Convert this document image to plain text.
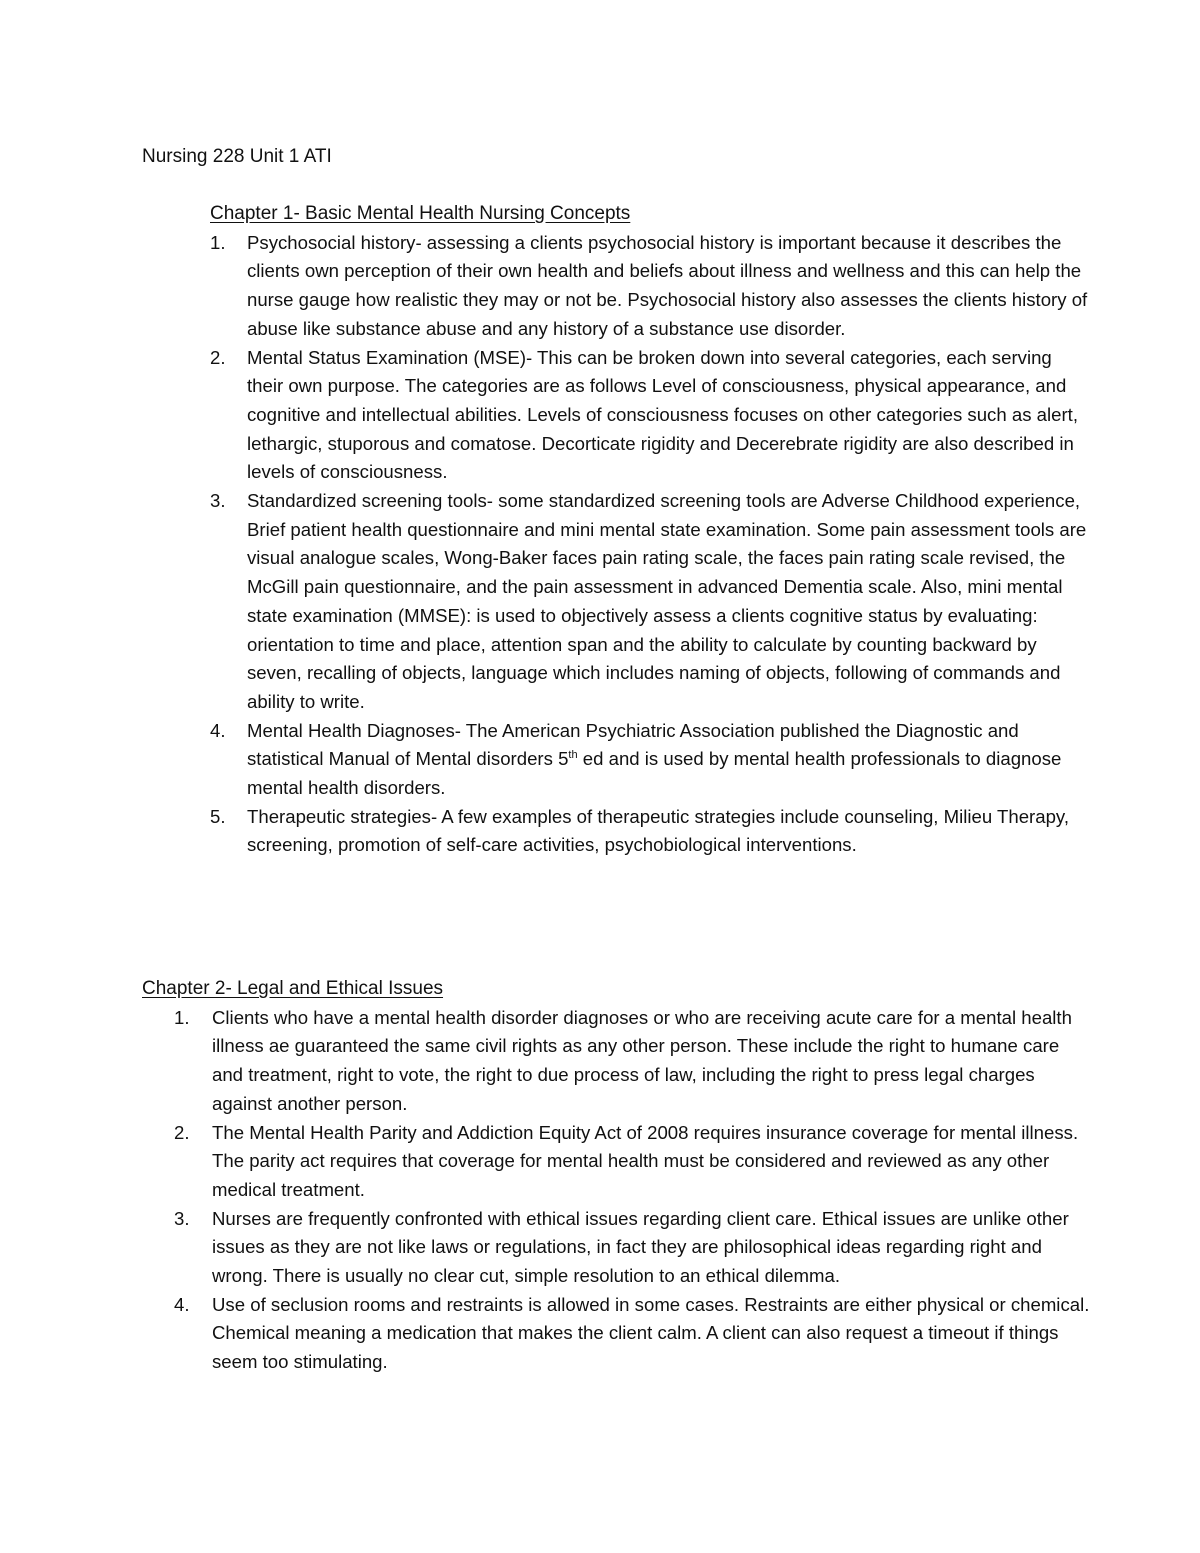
Nursing 228 Unit 1 ATI
Chapter 1- Basic Mental Health Nursing Concepts
1. Psychosocial history- assessing a clients psychosocial history is important because it describes the clients own perception of their own health and beliefs about illness and wellness and this can help the nurse gauge how realistic they may or not be. Psychosocial history also assesses the clients history of abuse like substance abuse and any history of a substance use disorder.
2. Mental Status Examination (MSE)- This can be broken down into several categories, each serving their own purpose. The categories are as follows Level of consciousness, physical appearance, and cognitive and intellectual abilities. Levels of consciousness focuses on other categories such as alert, lethargic, stuporous and comatose. Decorticate rigidity and Decerebrate rigidity are also described in levels of consciousness.
3. Standardized screening tools- some standardized screening tools are Adverse Childhood experience, Brief patient health questionnaire and mini mental state examination. Some pain assessment tools are visual analogue scales, Wong-Baker faces pain rating scale, the faces pain rating scale revised, the McGill pain questionnaire, and the pain assessment in advanced Dementia scale. Also, mini mental state examination (MMSE): is used to objectively assess a clients cognitive status by evaluating: orientation to time and place, attention span and the ability to calculate by counting backward by seven, recalling of objects, language which includes naming of objects, following of commands and ability to write.
4. Mental Health Diagnoses- The American Psychiatric Association published the Diagnostic and statistical Manual of Mental disorders 5th ed and is used by mental health professionals to diagnose mental health disorders.
5. Therapeutic strategies- A few examples of therapeutic strategies include counseling, Milieu Therapy, screening, promotion of self-care activities, psychobiological interventions.
Chapter 2- Legal and Ethical Issues
1. Clients who have a mental health disorder diagnoses or who are receiving acute care for a mental health illness ae guaranteed the same civil rights as any other person. These include the right to humane care and treatment, right to vote, the right to due process of law, including the right to press legal charges against another person.
2. The Mental Health Parity and Addiction Equity Act of 2008 requires insurance coverage for mental illness. The parity act requires that coverage for mental health must be considered and reviewed as any other medical treatment.
3. Nurses are frequently confronted with ethical issues regarding client care. Ethical issues are unlike other issues as they are not like laws or regulations, in fact they are philosophical ideas regarding right and wrong. There is usually no clear cut, simple resolution to an ethical dilemma.
4. Use of seclusion rooms and restraints is allowed in some cases. Restraints are either physical or chemical. Chemical meaning a medication that makes the client calm. A client can also request a timeout if things seem too stimulating.
